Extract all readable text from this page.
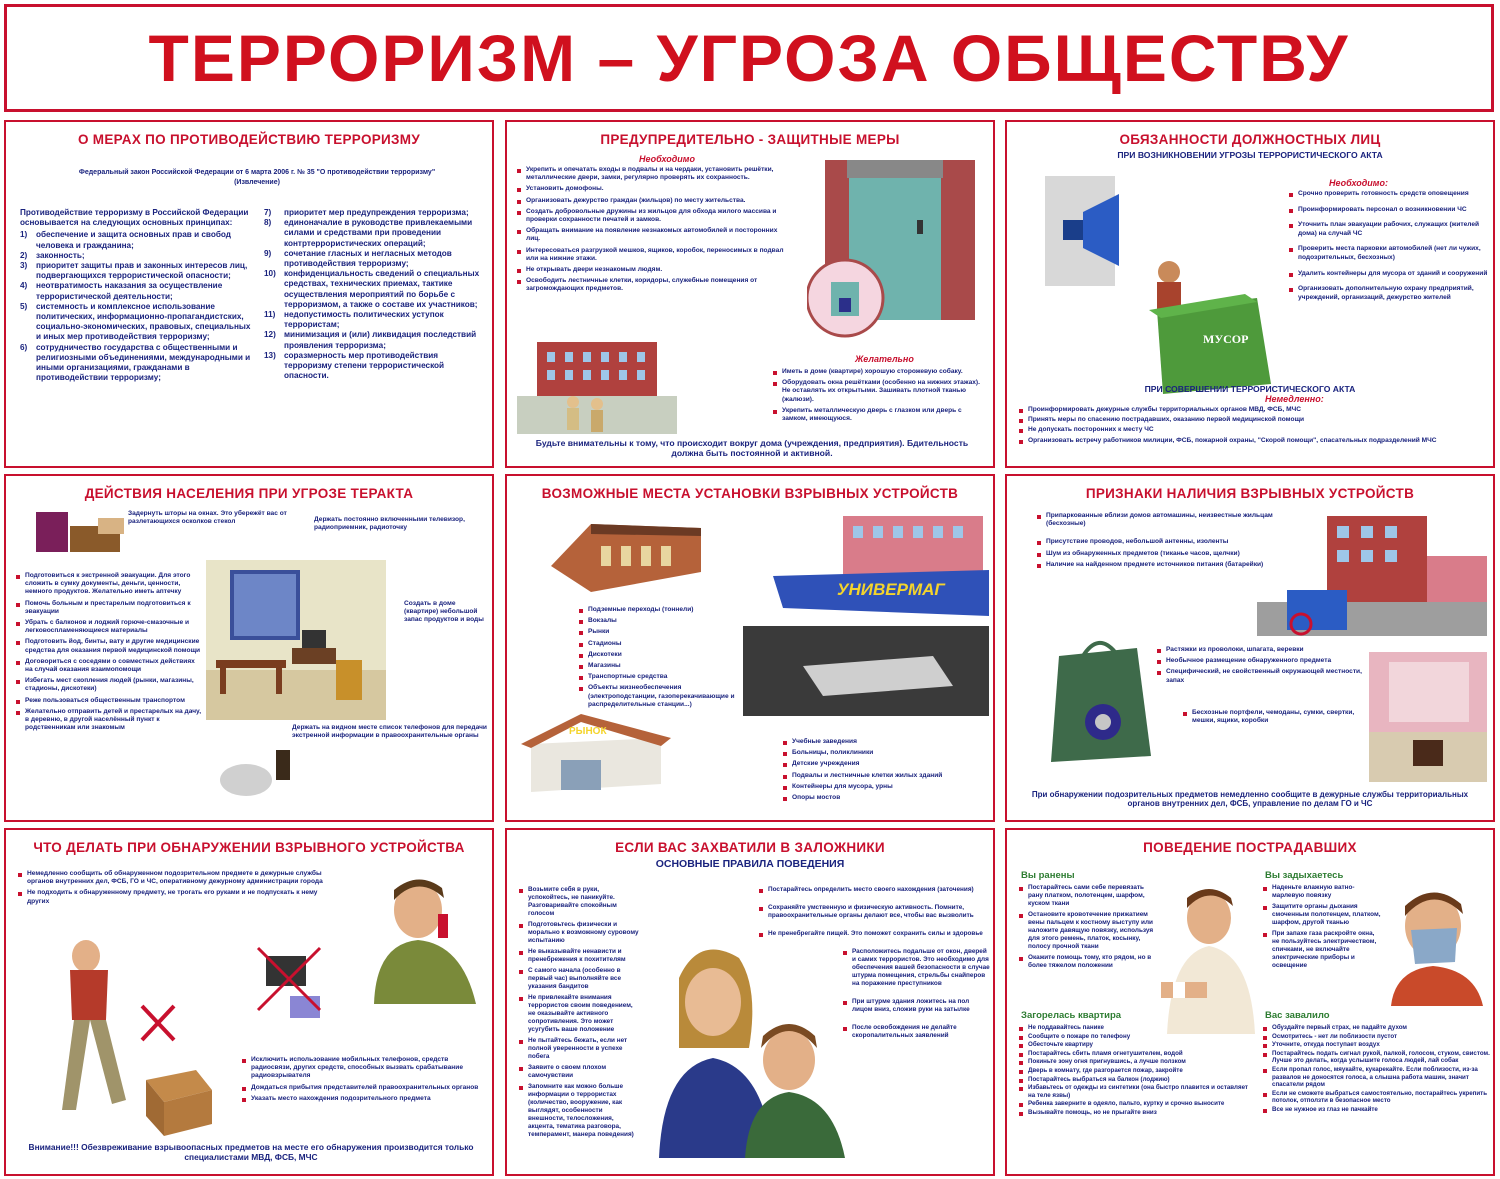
ТЕРРОРИЗМ – УГРОЗА ОБЩЕСТВУ
О МЕРАХ ПО ПРОТИВОДЕЙСТВИЮ ТЕРРОРИЗМУ
Федеральный закон Российской Федерации от 6 марта 2006 г. № 35 "О противодействии терроризму"
(Извлечение)
Противодействие терроризму в Российской Федерации основывается на следующих основных принципах:
1)	обеспечение и защита основных прав и свобод человека и гражданина;
2)	законность;
3)	приоритет защиты прав и законных интересов лиц, подвергающихся террористической опасности;
4)	неотвратимость наказания за осуществление террористической деятельности;
5)	системность и комплексное использование политических, информационно-пропагандистских, социально-экономических, правовых, специальных и иных мер противодействия терроризму;
6)	сотрудничество государства с общественными и религиозными объединениями, международными и иными организациями, гражданами в противодействии терроризму;
7)	приоритет мер предупреждения терроризма;
8)	единоначалие в руководстве привлекаемыми силами и средствами при проведении контртеррористических операций;
9)	сочетание гласных и негласных методов противодействия терроризму;
10) конфиденциальность сведений о специальных средствах, технических приемах, тактике осуществления мероприятий по борьбе с терроризмом, а также о составе их участников;
11)	недопустимость политических уступок террористам;
12) минимизация и (или) ликвидация последствий проявления терроризма;
13) соразмерность мер противодействия терроризму степени террористической опасности.
ПРЕДУПРЕДИТЕЛЬНО - ЗАЩИТНЫЕ МЕРЫ
Необходимо
Укрепить и опечатать входы в подвалы и на чердаки, установить решётки, металлические двери, замки, регулярно проверять их сохранность.
Установить домофоны.
Организовать дежурство граждан (жильцов) по месту жительства.
Создать добровольные дружины из жильцов для обхода жилого массива и проверки сохранности печатей и замков.
Обращать внимание на появление незнакомых автомобилей и посторонних лиц.
Интересоваться разгрузкой мешков, ящиков, коробок, переносимых в подвал или на нижние этажи.
Не открывать двери незнакомым людям.
Освободить лестничные клетки, коридоры, служебные помещения от загромождающих предметов.
Желательно
Иметь в доме (квартире) хорошую сторожевую собаку.
Оборудовать окна решётками (особенно на нижних этажах). Не оставлять их открытыми. Зашивать плотной тканью (жалюзи).
Укрепить металлическую дверь с глазком или дверь с замком, имеющуюся.
Будьте внимательны к тому, что происходит вокруг дома (учреждения, предприятия). Бдительность должна быть постоянной и активной.
ОБЯЗАННОСТИ ДОЛЖНОСТНЫХ ЛИЦ
ПРИ ВОЗНИКНОВЕНИИ УГРОЗЫ ТЕРРОРИСТИЧЕСКОГО АКТА
МУСОР
Необходимо:
Срочно проверить готовность средств оповещения
Проинформировать персонал о возникновении ЧС
Уточнить план эвакуации рабочих, служащих (жителей дома) на случай ЧС
Проверить места парковки автомобилей (нет ли чужих, подозрительных, бесхозных)
Удалить контейнеры для мусора от зданий и сооружений
Организовать дополнительную охрану предприятий, учреждений, организаций, дежурство жителей
ПРИ СОВЕРШЕНИИ ТЕРРОРИСТИЧЕСКОГО АКТА
Немедленно:
Проинформировать дежурные службы территориальных органов МВД, ФСБ, МЧС
Принять меры по спасению пострадавших, оказанию первой медицинской помощи
Не допускать посторонних к месту ЧС
Организовать встречу работников милиции, ФСБ, пожарной охраны, "Скорой помощи", спасательных подразделений МЧС
ДЕЙСТВИЯ НАСЕЛЕНИЯ ПРИ УГРОЗЕ ТЕРАКТА
Задернуть шторы на окнах. Это убережёт вас от разлетающихся осколков стекол	Держать постоянно включенными телевизор, радиоприемник, радиоточку
Создать в доме (квартире) небольшой запас продуктов и воды
Подготовиться к экстренной эвакуации. Для этого сложить в сумку документы, деньги, ценности, немного продуктов. Желательно иметь аптечку
Помочь больным и престарелым подготовиться к эвакуации
Убрать с балконов и лоджий горюче-смазочные и легковоспламеняющиеся материалы
Подготовить йод, бинты, вату и другие медицинские средства для оказания первой медицинской помощи
Договориться с соседями о совместных действиях на случай оказания взаимопомощи
Избегать мест скопления людей (рынки, магазины, стадионы, дискотеки)
Реже пользоваться общественным транспортом
Желательно отправить детей и престарелых на дачу, в деревню, в другой населённый пункт к родственникам или знакомым	Держать на видном месте список телефонов для передачи экстренной информации в правоохранительные органы
ВОЗМОЖНЫЕ МЕСТА УСТАНОВКИ ВЗРЫВНЫХ УСТРОЙСТВ
УНИВЕРМАГ
Подземные переходы (тоннели)
Вокзалы
Рынки
Стадионы
Дискотеки
Магазины
Транспортные средства
Объекты жизнеобеспечения (электроподстанции, газоперекачивающие и распределительные станции...)
РЫНОК
Учебные заведения
Больницы, поликлиники
Детские учреждения
Подвалы и лестничные клетки жилых зданий
Контейнеры для мусора, урны
Опоры мостов
ПРИЗНАКИ НАЛИЧИЯ ВЗРЫВНЫХ УСТРОЙСТВ
Припаркованные вблизи домов автомашины, неизвестные жильцам (бесхозные)
Присутствие проводов, небольшой антенны, изоленты
Шум из обнаруженных предметов (тиканье часов, щелчки)
Наличие на найденном предмете источников питания (батарейки)
Растяжки из проволоки, шпагата, веревки
Необычное размещение обнаруженного предмета
Специфический, не свойственный окружающей местности, запах
Бесхозные портфели, чемоданы, сумки, свертки, мешки, ящики, коробки
При обнаружении подозрительных предметов немедленно сообщите в дежурные службы территориальных органов внутренних дел, ФСБ, управление по делам ГО и ЧС
ЧТО ДЕЛАТЬ ПРИ ОБНАРУЖЕНИИ ВЗРЫВНОГО УСТРОЙСТВА
Немедленно сообщить об обнаруженном подозрительном предмете в дежурные службы органов внутренних дел, ФСБ, ГО и ЧС, оперативному дежурному администрации города
Не подходить к обнаруженному предмету, не трогать его руками и не подпускать к нему других
Исключить использование мобильных телефонов, средств радиосвязи, других средств, способных вызвать срабатывание радиовзрывателя
Дождаться прибытия представителей правоохранительных органов
Указать место нахождения подозрительного предмета
Внимание!!! Обезвреживание взрывоопасных предметов на месте его обнаружения производится только специалистами МВД, ФСБ, МЧС
ЕСЛИ ВАС ЗАХВАТИЛИ В ЗАЛОЖНИКИ
ОСНОВНЫЕ ПРАВИЛА ПОВЕДЕНИЯ
Возьмите себя в руки, успокойтесь, не паникуйте. Разговаривайте спокойным голосом
Подготовьтесь физически и морально к возможному суровому испытанию
Не выказывайте ненависти и пренебрежения к похитителям
С самого начала (особенно в первый час) выполняйте все указания бандитов
Не привлекайте внимания террористов своим поведением, не оказывайте активного сопротивления. Это может усугубить ваше положение
Не пытайтесь бежать, если нет полной уверенности в успехе побега
Заявите о своем плохом самочувствии
Запомните как можно больше информации о террористах (количество, вооружение, как выглядят, особенности внешности, телосложения, акцента, тематика разговора, темперамент, манера поведения)
Постарайтесь определить место своего нахождения (заточения)
Сохраняйте умственную и физическую активность. Помните, правоохранительные органы делают все, чтобы вас вызволить
Не пренебрегайте пищей. Это поможет сохранить силы и здоровье
Расположитесь подальше от окон, дверей и самих террористов. Это необходимо для обеспечения вашей безопасности в случае штурма помещения, стрельбы снайперов на поражение преступников
При штурме здания ложитесь на пол лицом вниз, сложив руки на затылке
После освобождения не делайте скоропалительных заявлений
ПОВЕДЕНИЕ ПОСТРАДАВШИХ
Вы ранены
Постарайтесь сами себе перевязать рану платком, полотенцем, шарфом, куском ткани
Остановите кровотечение прижатием вены пальцем к костному выступу или наложите давящую повязку, используя для этого ремень, платок, косынку, полосу прочной ткани
Окажите помощь тому, кто рядом, но в более тяжелом положении
Вы задыхаетесь
Наденьте влажную ватно-марлевую повязку
Защитите органы дыхания смоченным полотенцем, платком, шарфом, другой тканью
При запахе газа раскройте окна, не пользуйтесь электричеством, спичками, не включайте электрические приборы и освещение
Загорелась квартира
Не поддавайтесь панике
Сообщите о пожаре по телефону
Обесточьте квартиру
Постарайтесь сбить пламя огнетушителем, водой
Покиньте зону огня пригнувшись, а лучше ползком
Дверь в комнату, где разгорается пожар, закройте
Постарайтесь выбраться на балкон (лоджию)
Избавьтесь от одежды из синтетики (она быстро плавится и оставляет на теле язвы)
Ребенка заверните в одеяло, пальто, куртку и срочно выносите
Вызывайте помощь, но не прыгайте вниз
Вас завалило
Обуздайте первый страх, не падайте духом
Осмотритесь - нет ли поблизости пустот
Уточните, откуда поступает воздух
Постарайтесь подать сигнал рукой, палкой, голосом, стуком, свистом. Лучше это делать, когда услышите голоса людей, лай собак
Если пропал голос, мяукайте, кукарекайте. Если поблизости, из-за развалов не доносятся голоса, а слышна работа машин, значит спасатели рядом
Если не сможете выбраться самостоятельно, постарайтесь укрепить потолок, отползти в безопасное место
Все не нужное из глаз не пачкайте
